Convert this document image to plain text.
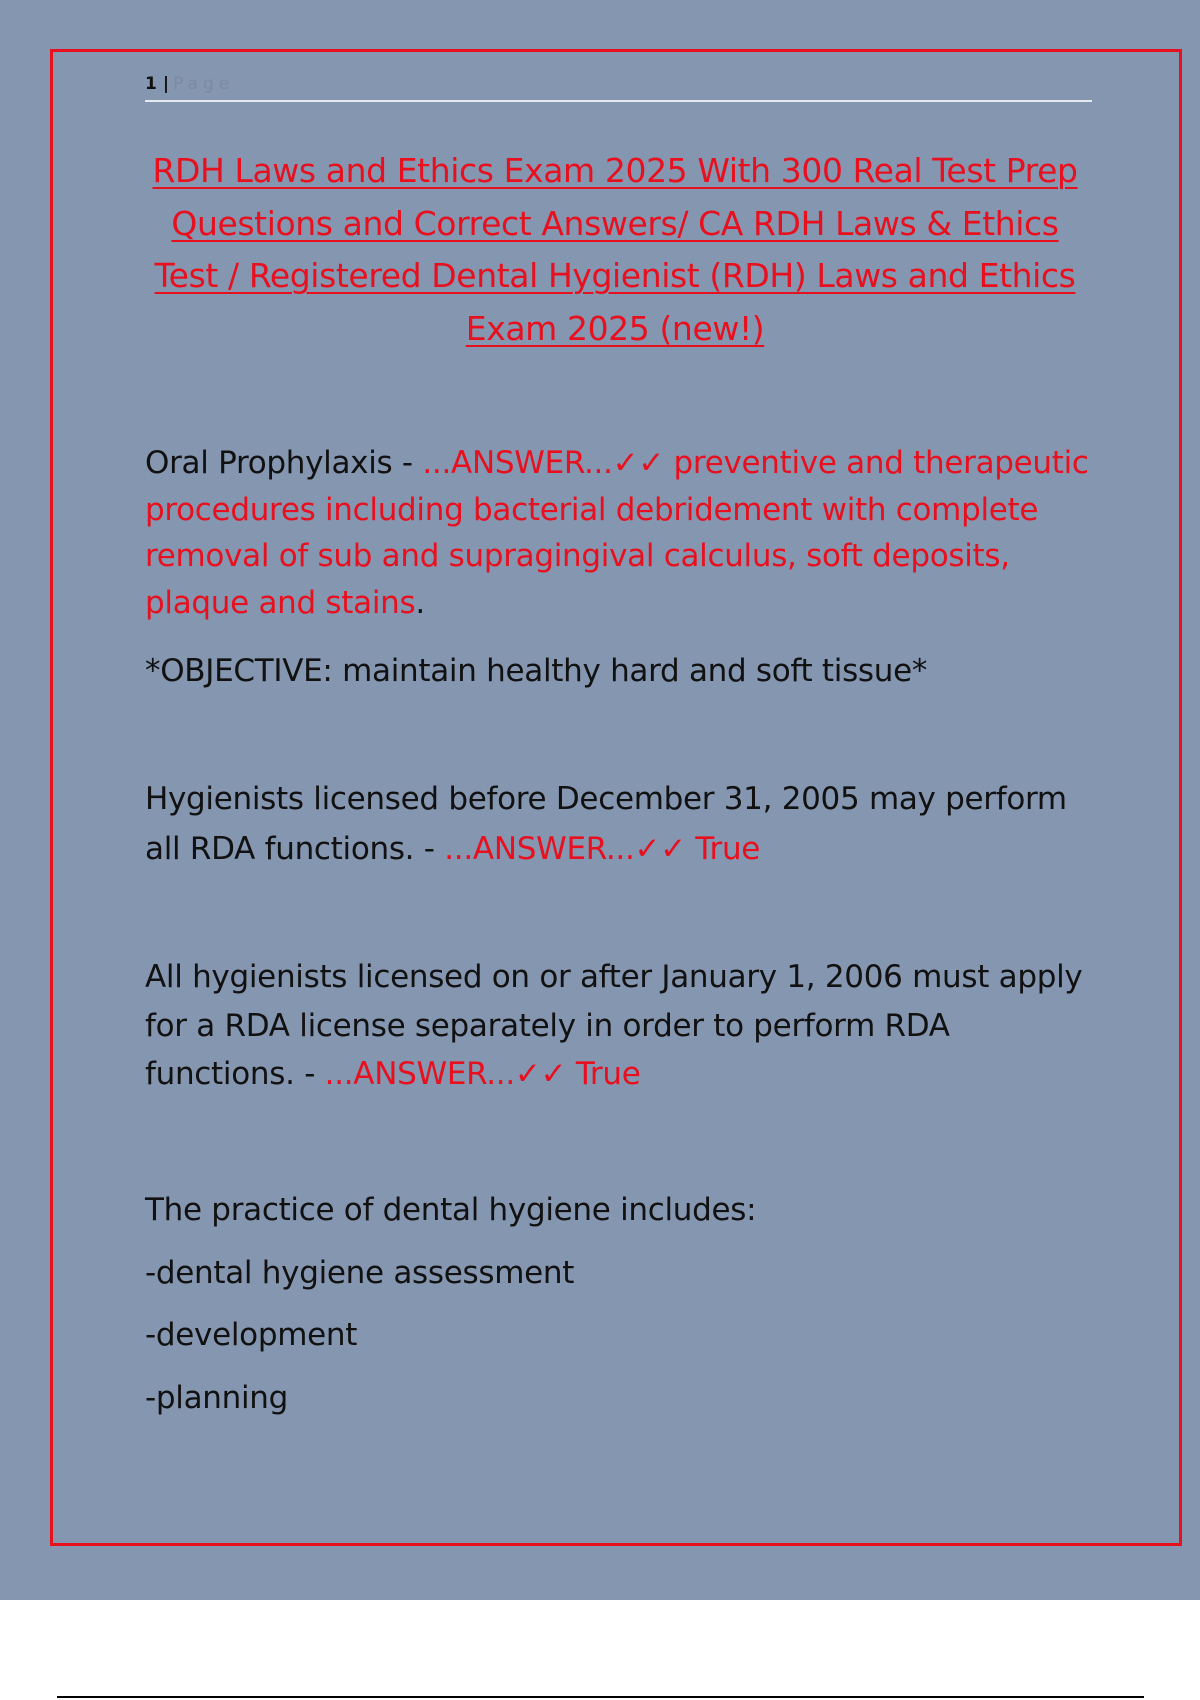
1 | Page
RDH Laws and Ethics Exam 2025 With 300 Real Test Prep Questions and Correct Answers/ CA RDH Laws & Ethics Test / Registered Dental Hygienist (RDH) Laws and Ethics Exam 2025 (new!)
Oral Prophylaxis - ...ANSWER...✓✓ preventive and therapeutic procedures including bacterial debridement with complete removal of sub and supragingival calculus, soft deposits, plaque and stains.
*OBJECTIVE: maintain healthy hard and soft tissue*
Hygienists licensed before December 31, 2005 may perform all RDA functions. - ...ANSWER...✓✓ True
All hygienists licensed on or after January 1, 2006 must apply for a RDA license separately in order to perform RDA functions. - ...ANSWER...✓✓ True
The practice of dental hygiene includes:
-dental hygiene assessment
-development
-planning
